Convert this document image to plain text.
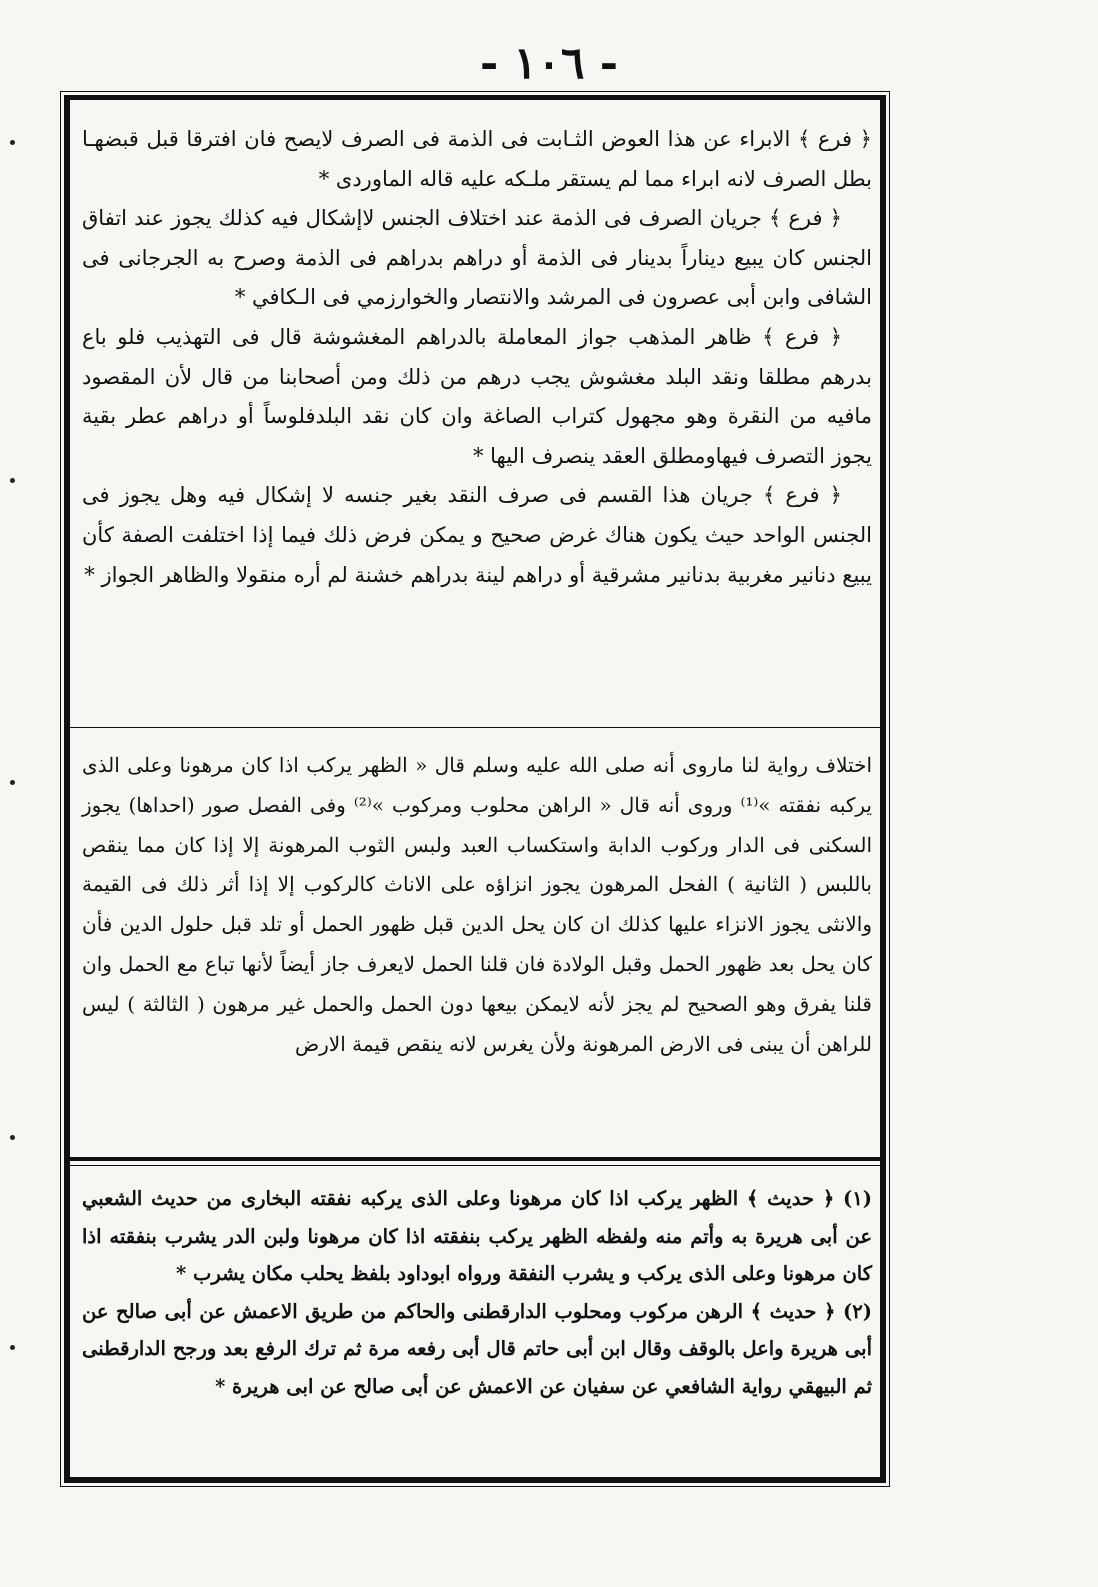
- ١٠٦ -

﴿ فرع ﴾ الابراء عن هذا العوض الثـابت فى الذمة فى الصرف لايصح فان افترقا قبل قبضهـا بطل الصرف لانه ابراء مما لم يستقر ملـكه عليه قاله الماوردى *

﴿ فرع ﴾ جريان الصرف فى الذمة عند اختلاف الجنس لاإشكال فيه كذلك يجوز عند اتفاق الجنس كان يبيع ديناراً بدينار فى الذمة أو دراهم بدراهم فى الذمة وصرح به الجرجانى فى الشافى وابن أبى عصرون فى المرشد والانتصار والخوارزمي فى الـكافي *

﴿ فرع ﴾ ظاهر المذهب جواز المعاملة بالدراهم المغشوشة قال فى التهذيب فلو باع بدرهم مطلقا ونقد البلد مغشوش يجب درهم من ذلك ومن أصحابنا من قال لأن المقصود مافيه من النقرة وهو مجهول كتراب الصاغة وان كان نقد البلدفلوساً أو دراهم عطر بقية يجوز التصرف فيهاومطلق العقد ينصرف اليها *

﴿ فرع ﴾ جريان هذا القسم فى صرف النقد بغير جنسه لا إشكال فيه وهل يجوز فى الجنس الواحد حيث يكون هناك غرض صحيح و يمكن فرض ذلك فيما إذا اختلفت الصفة كأن يبيع دنانير مغربية بدنانير مشرقية أو دراهم لينة بدراهم خشنة لم أره منقولا والظاهر الجواز *

اختلاف رواية لنا ماروى أنه صلى الله عليه وسلم قال « الظهر يركب اذا كان مرهونا وعلى الذى يركبه نفقته »⁽¹⁾ وروى أنه قال « الراهن محلوب ومركوب »⁽²⁾ وفى الفصل صور (احداها) يجوز السكنى فى الدار وركوب الدابة واستكساب العبد ولبس الثوب المرهونة إلا إذا كان مما ينقص باللبس ( الثانية ) الفحل المرهون يجوز انزاؤه على الاناث كالركوب إلا إذا أثر ذلك فى القيمة والانثى يجوز الانزاء عليها كذلك ان كان يحل الدين قبل ظهور الحمل أو تلد قبل حلول الدين فأن كان يحل بعد ظهور الحمل وقبل الولادة فان قلنا الحمل لايعرف جاز أيضاً لأنها تباع مع الحمل وان قلنا يفرق وهو الصحيح لم يجز لأنه لايمكن بيعها دون الحمل والحمل غير مرهون ( الثالثة ) ليس للراهن أن يبنى فى الارض المرهونة ولأن يغرس لانه ينقص قيمة الارض

(١) ﴿ حديث ﴾ الظهر يركب اذا كان مرهونا وعلى الذى يركبه نفقته البخارى من حديث الشعبي عن أبى هريرة به وأتم منه ولفظه الظهر يركب بنفقته اذا كان مرهونا ولبن الدر يشرب بنفقته اذا كان مرهونا وعلى الذى يركب و يشرب النفقة ورواه ابوداود بلفظ يحلب مكان يشرب *

(٢) ﴿ حديث ﴾ الرهن مركوب ومحلوب الدارقطنى والحاكم من طريق الاعمش عن أبى صالح عن أبى هريرة واعل بالوقف وقال ابن أبى حاتم قال أبى رفعه مرة ثم ترك الرفع بعد ورجح الدارقطنى ثم البيهقي رواية الشافعي عن سفيان عن الاعمش عن أبى صالح عن ابى هريرة *
